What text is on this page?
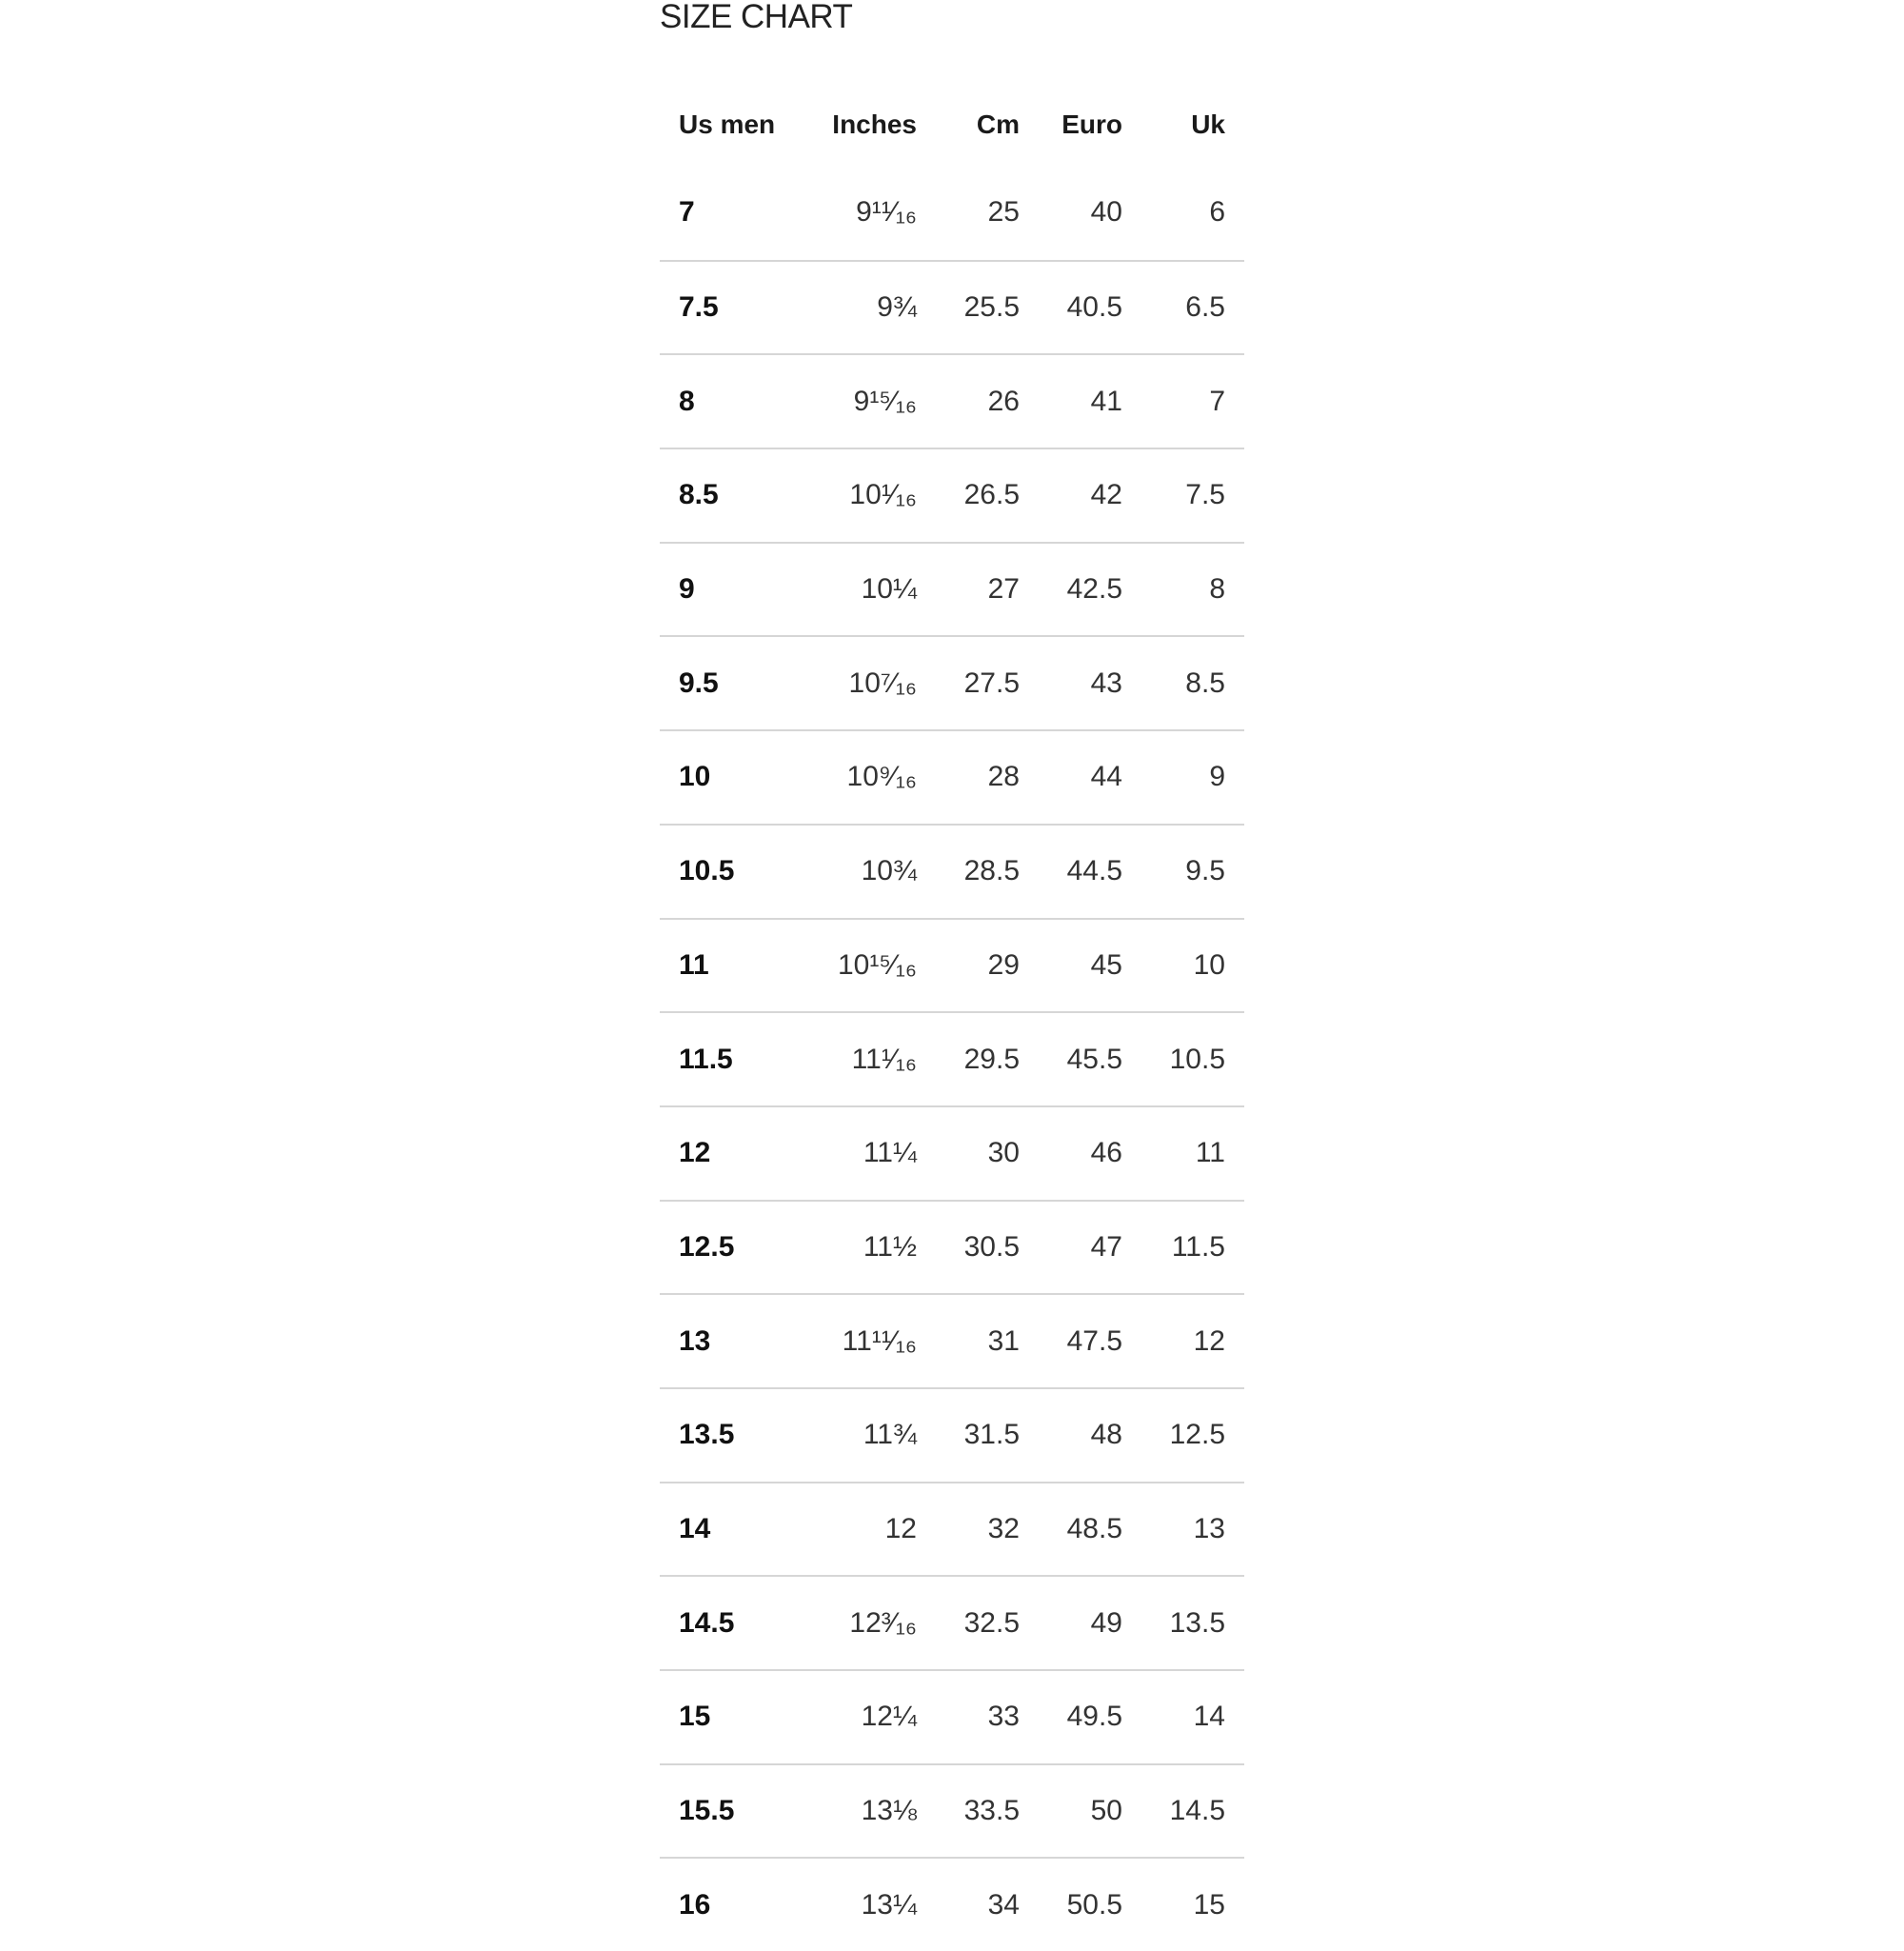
SIZE CHART
Us men	Inches	Cm	Euro	Uk
7	9¹¹⁄₁₆	25	40	6
7.5	9¾	25.5	40.5	6.5
8	9¹⁵⁄₁₆	26	41	7
8.5	10¹⁄₁₆	26.5	42	7.5
9	10¼	27	42.5	8
9.5	10⁷⁄₁₆	27.5	43	8.5
10	10⁹⁄₁₆	28	44	9
10.5	10¾	28.5	44.5	9.5
11	10¹⁵⁄₁₆	29	45	10
11.5	11¹⁄₁₆	29.5	45.5	10.5
12	11¼	30	46	11
12.5	11½	30.5	47	11.5
13	11¹¹⁄₁₆	31	47.5	12
13.5	11¾	31.5	48	12.5
14	12	32	48.5	13
14.5	12³⁄₁₆	32.5	49	13.5
15	12¼	33	49.5	14
15.5	13⅛	33.5	50	14.5
16	13¼	34	50.5	15
